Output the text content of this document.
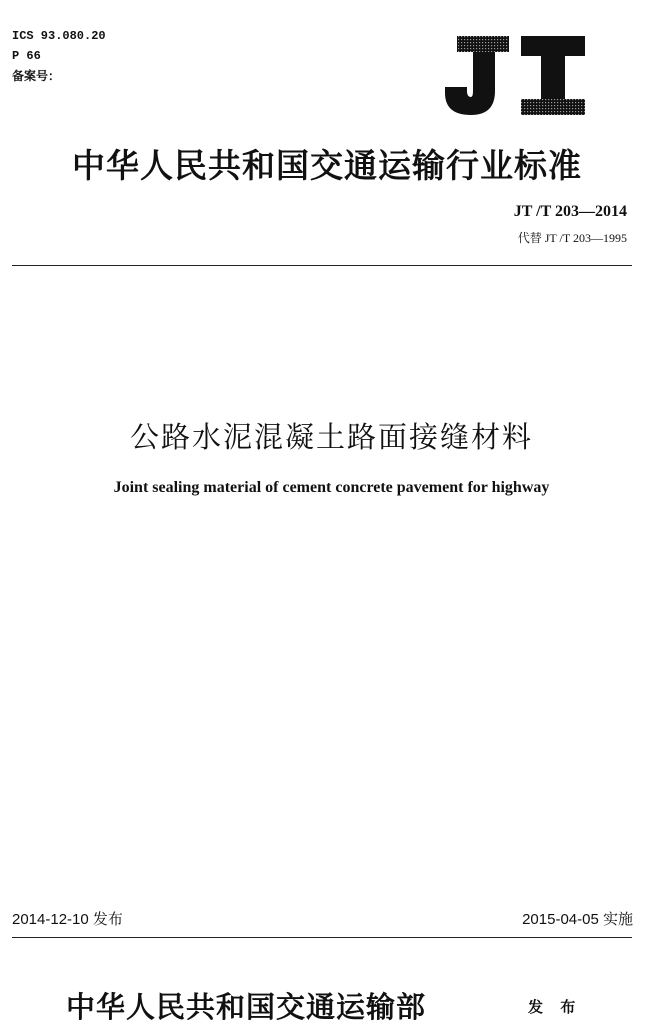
ICS 93.080.20
P 66
备案号：
中华人民共和国交通运输行业标准
JT /T 203—2014
代替 JT /T 203—1995
公路水泥混凝土路面接缝材料
Joint sealing material of cement concrete pavement for highway
2014-12-10 发布	2015-04-05 实施
中华人民共和国交通运输部	发 布
